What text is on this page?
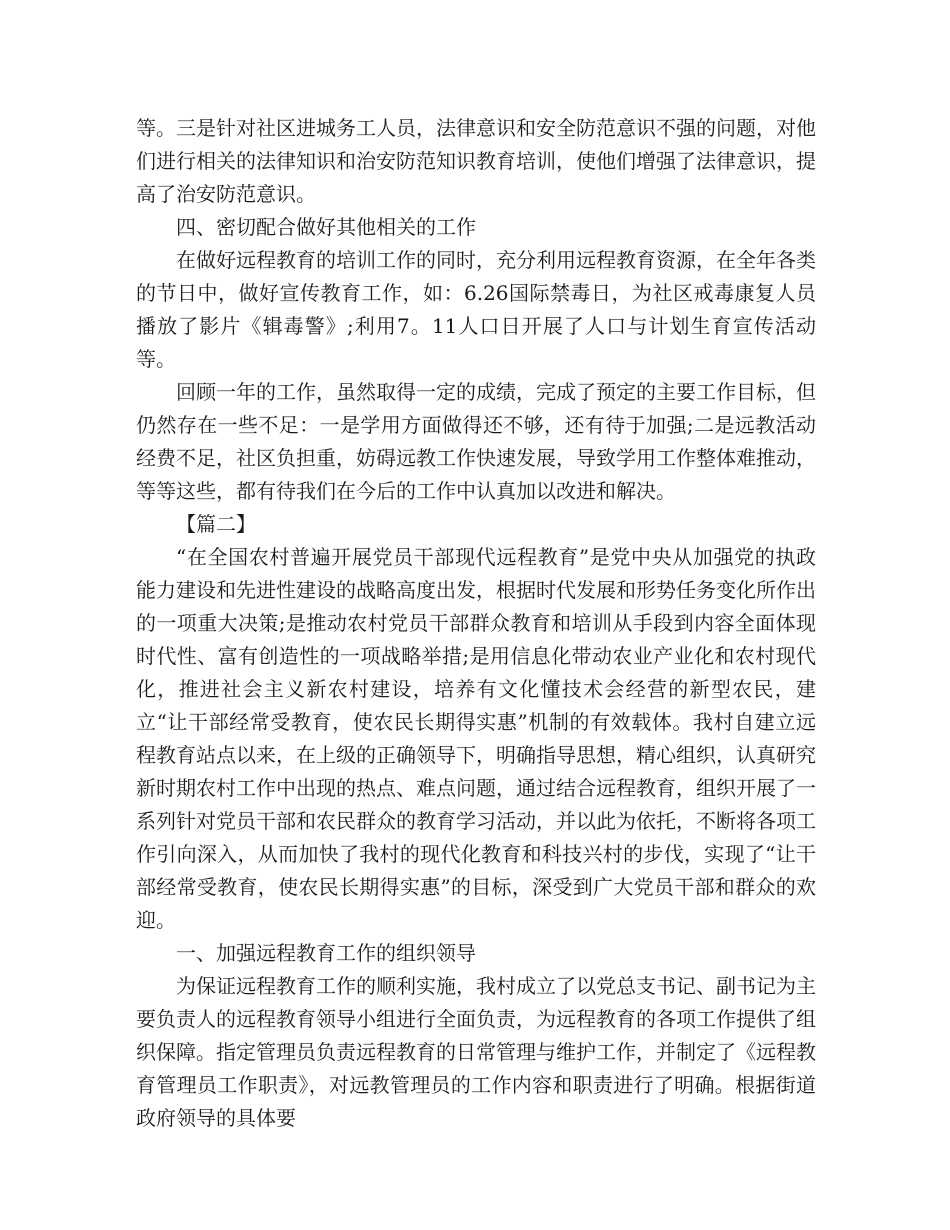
等。三是针对社区进城务工人员，法律意识和安全防范意识不强的问题，对他们进行相关的法律知识和治安防范知识教育培训，使他们增强了法律意识，提高了治安防范意识。

四、密切配合做好其他相关的工作

在做好远程教育的培训工作的同时，充分利用远程教育资源，在全年各类的节日中，做好宣传教育工作，如：6.26国际禁毒日，为社区戒毒康复人员播放了影片《辑毒警》;利用7。11人口日开展了人口与计划生育宣传活动等。

回顾一年的工作，虽然取得一定的成绩，完成了预定的主要工作目标，但仍然存在一些不足：一是学用方面做得还不够，还有待于加强;二是远教活动经费不足，社区负担重，妨碍远教工作快速发展，导致学用工作整体难推动，等等这些，都有待我们在今后的工作中认真加以改进和解决。

【篇二】

“在全国农村普遍开展党员干部现代远程教育”是党中央从加强党的执政能力建设和先进性建设的战略高度出发，根据时代发展和形势任务变化所作出的一项重大决策;是推动农村党员干部群众教育和培训从手段到内容全面体现时代性、富有创造性的一项战略举措;是用信息化带动农业产业化和农村现代化，推进社会主义新农村建设，培养有文化懂技术会经营的新型农民，建立“让干部经常受教育，使农民长期得实惠”机制的有效载体。我村自建立远程教育站点以来，在上级的正确领导下，明确指导思想，精心组织，认真研究新时期农村工作中出现的热点、难点问题，通过结合远程教育，组织开展了一系列针对党员干部和农民群众的教育学习活动，并以此为依托，不断将各项工作引向深入，从而加快了我村的现代化教育和科技兴村的步伐，实现了“让干部经常受教育，使农民长期得实惠”的目标，深受到广大党员干部和群众的欢迎。

一、加强远程教育工作的组织领导

为保证远程教育工作的顺利实施，我村成立了以党总支书记、副书记为主要负责人的远程教育领导小组进行全面负责，为远程教育的各项工作提供了组织保障。指定管理员负责远程教育的日常管理与维护工作，并制定了《远程教育管理员工作职责》，对远教管理员的工作内容和职责进行了明确。根据街道政府领导的具体要
